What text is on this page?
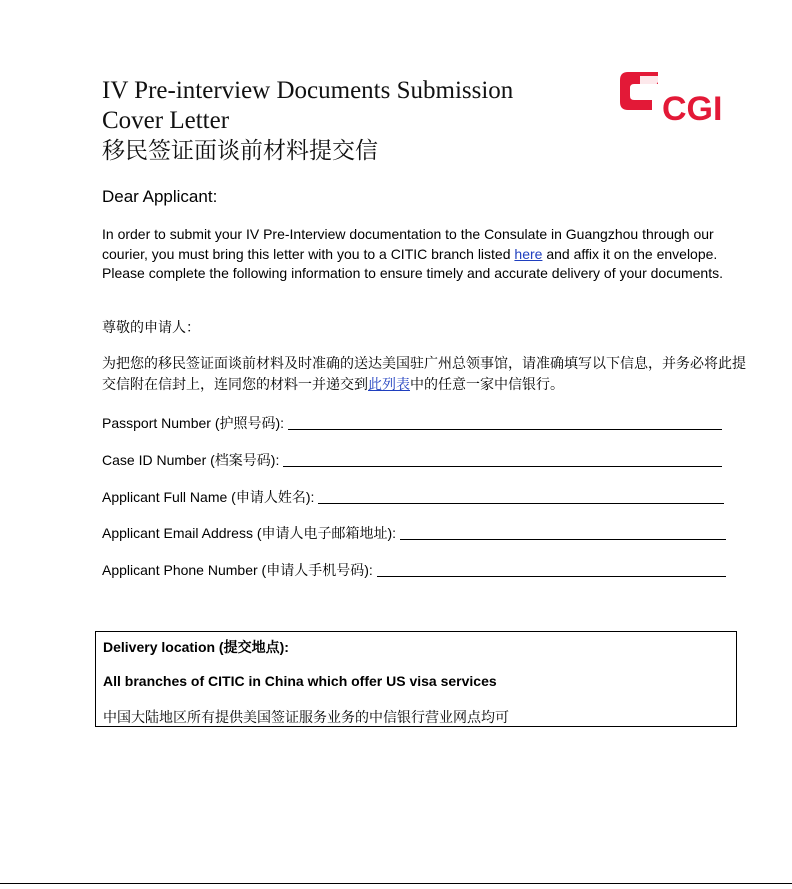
IV Pre-interview Documents Submission
Cover Letter
移民签证面谈前材料提交信
CGI
Dear Applicant:
In order to submit your IV Pre-Interview documentation to the Consulate in Guangzhou through our courier, you must bring this letter with you to a CITIC branch listed here and affix it on the envelope. Please complete the following information to ensure timely and accurate delivery of your documents.
尊敬的申请人：
为把您的移民签证面谈前材料及时准确的送达美国驻广州总领事馆，请准确填写以下信息，并务必将此提交信附在信封上，连同您的材料一并递交到此列表中的任意一家中信银行。
Passport Number (护照号码):
Case ID Number (档案号码):
Applicant Full Name (申请人姓名):
Applicant Email Address (申请人电子邮箱地址):
Applicant Phone Number (申请人手机号码):
Delivery location (提交地点):
All branches of CITIC in China which offer US visa services
中国大陆地区所有提供美国签证服务业务的中信银行营业网点均可
